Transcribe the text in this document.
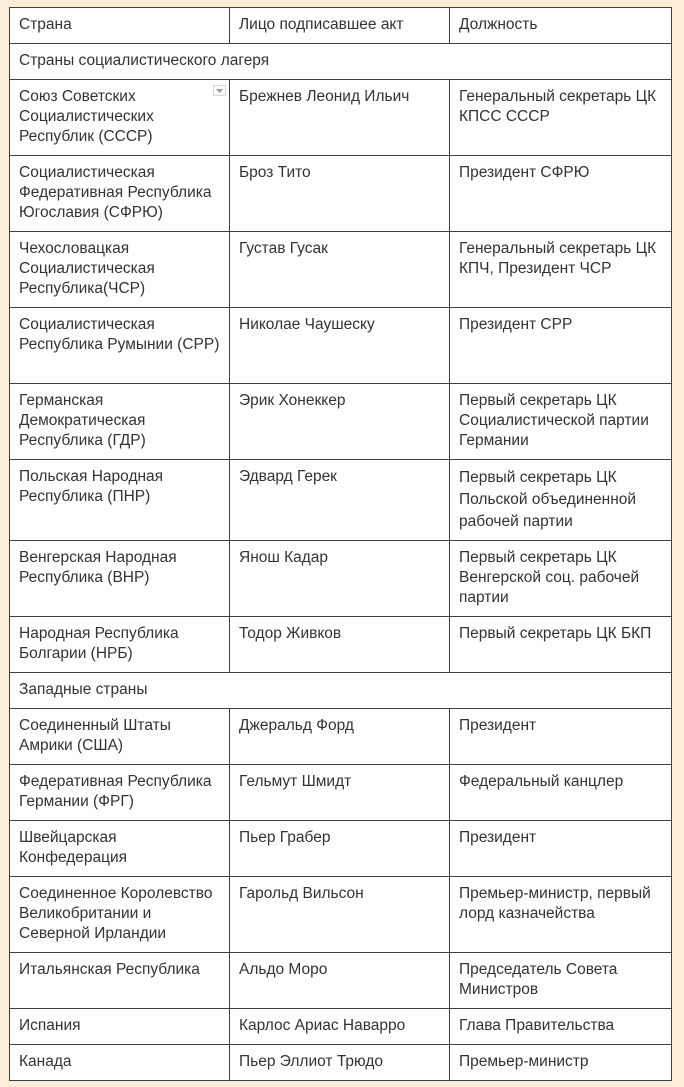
Страна	Лицо подписавшее акт	Должность
Страны социалистического лагеря		
Союз Советских Социалистических Республик (СССР)	Брежнев Леонид Ильич	Генеральный секретарь ЦК КПСС СССР
Социалистическая Федеративная Республика Югославия (СФРЮ)	Броз Тито	Президент СФРЮ
Чехословацкая Социалистическая Республика(ЧСР)	Густав Гусак	Генеральный секретарь ЦК КПЧ, Президент ЧСР
Социалистическая Республика Румынии (СРР)	Николае Чаушеску	Президент СРР
Германская Демократическая Республика (ГДР)	Эрик Хонеккер	Первый секретарь ЦК Социалистической партии Германии
Польская Народная Республика (ПНР)	Эдвард Герек	Первый секретарь ЦК Польской объединенной рабочей партии
Венгерская Народная Республика (ВНР)	Янош Кадар	Первый секретарь ЦК Венгерской соц. рабочей партии
Народная Республика Болгарии (НРБ)	Тодор Живков	Первый секретарь ЦК БКП
Западные страны		
Соединенный Штаты Амрики (США)	Джеральд Форд	Президент
Федеративная Республика Германии (ФРГ)	Гельмут Шмидт	Федеральный канцлер
Швейцарская Конфедерация	Пьер Грабер	Президент
Соединенное Королевство Великобритании и Северной Ирландии	Гарольд Вильсон	Премьер-министр, первый лорд казначейства
Итальянская Республика	Альдо Моро	Председатель Совета Министров
Испания	Карлос Ариас Наварро	Глава Правительства
Канада	Пьер Эллиот Трюдо	Премьер-министр
